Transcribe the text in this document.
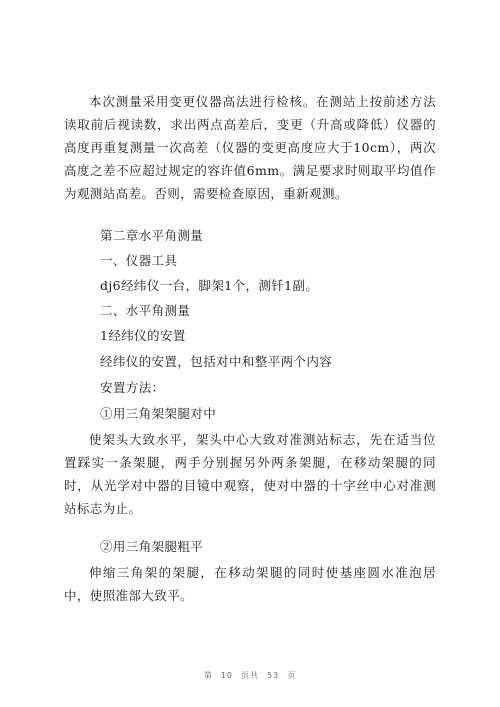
本次测量采用变更仪器高法进行检核。在测站上按前述方法读取前后视读数，求出两点高差后，变更（升高或降低）仪器的高度再重复测量一次高差（仪器的变更高度应大于10cm），两次高度之差不应超过规定的容许值6mm。满足要求时则取平均值作为观测站高差。否则，需要检查原因，重新观测。

第二章水平角测量
一、仪器工具
dj6经纬仪一台，脚架1个，测钎1副。
二、水平角测量
1经纬仪的安置
经纬仪的安置，包括对中和整平两个内容
安置方法：
①用三角架架腿对中

使架头大致水平，架头中心大致对准测站标志，先在适当位置踩实一条架腿，两手分别握另外两条架腿，在移动架腿的同时，从光学对中器的目镜中观察，使对中器的十字丝中心对准测站标志为止。

②用三角架腿粗平

伸缩三角架的架腿，在移动架腿的同时使基座圆水准泡居中，使照准部大致平。

第 10 页共 53 页
